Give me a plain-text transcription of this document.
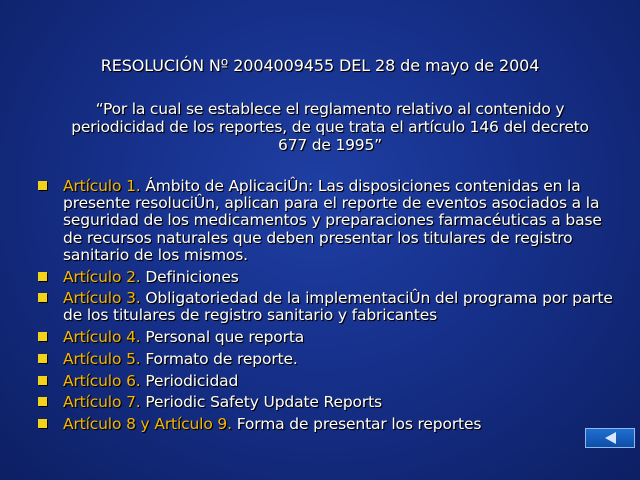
RESOLUCIÓN Nº 2004009455 DEL 28 de mayo de 2004
“Por la cual se establece el reglamento relativo al contenido y periodicidad de los reportes, de que trata el artículo 146 del decreto 677 de 1995”
Artículo 1. Ámbito de AplicaciÛn: Las disposiciones contenidas en la presente resoluciÛn, aplican para el reporte de eventos asociados a la seguridad de los medicamentos y preparaciones farmacéuticas a base de recursos naturales que deben presentar los titulares de registro sanitario de los mismos.
Artículo 2. Definiciones
Artículo 3. Obligatoriedad de la implementaciÛn del programa por parte de los titulares de registro sanitario y fabricantes
Artículo 4. Personal que reporta
Artículo 5. Formato de reporte.
Artículo 6. Periodicidad
Artículo 7. Periodic Safety Update Reports
Artículo 8 y Artículo 9. Forma de presentar los reportes
